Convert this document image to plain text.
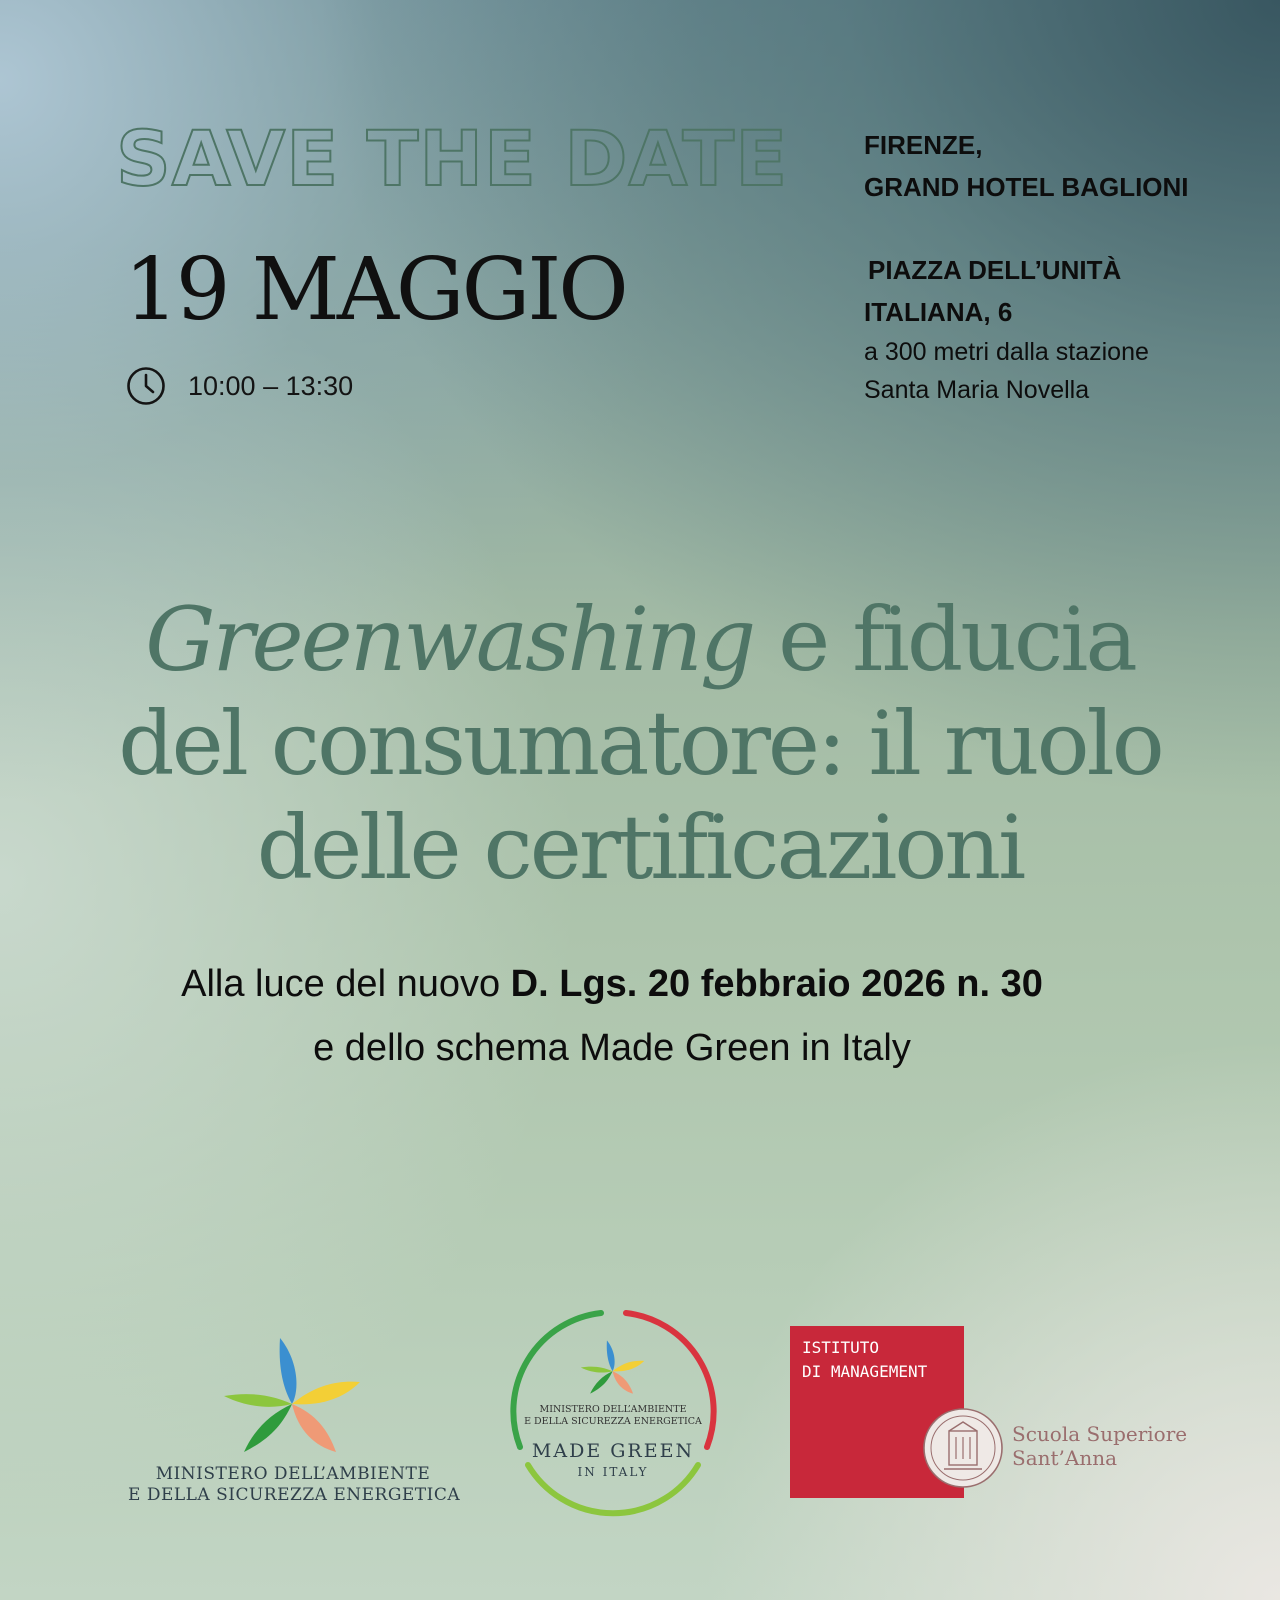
SAVE THE DATE
19 MAGGIO
10:00 – 13:30
FIRENZE,
GRAND HOTEL BAGLIONI
PIAZZA DELL’UNITÀ
ITALIANA, 6
a 300 metri dalla stazione
Santa Maria Novella
Greenwashing e fiducia
del consumatore: il ruolo
delle certificazioni
Alla luce del nuovo D. Lgs. 20 febbraio 2026 n. 30
e dello schema Made Green in Italy
MINISTERO DELL’AMBIENTE
E DELLA SICUREZZA ENERGETICA
MINISTERO DELL’AMBIENTE
E DELLA SICUREZZA ENERGETICA
MADE GREEN
IN ITALY
ISTITUTO
DI MANAGEMENT
Scuola Superiore
Sant’Anna
